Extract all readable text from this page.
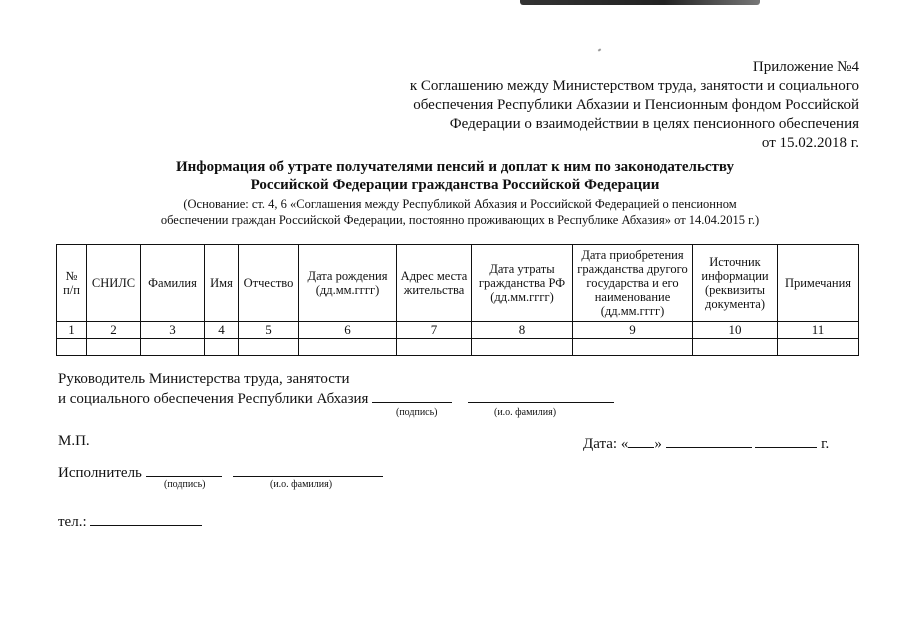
Приложение №4
к Соглашению между Министерством труда, занятости и социального
обеспечения Республики Абхазии и Пенсионным фондом Российской
Федерации о взаимодействии в целях пенсионного обеспечения
от 15.02.2018 г.
Информация об утрате получателями пенсий и доплат к ним по законодательству
Российской Федерации гражданства Российской Федерации
(Основание: ст. 4, 6 «Соглашения между Республикой Абхазия и Российской Федерацией о пенсионном
обеспечении граждан Российской Федерации, постоянно проживающих в Республике Абхазия» от 14.04.2015 г.)
№ п/п	СНИЛС	Фамилия	Имя	Отчество	Дата рождения (дд.мм.гггг)	Адрес места жительства	Дата утраты гражданства РФ (дд.мм.гггг)	Дата приобретения гражданства другого государства и его наименование (дд.мм.гггг)	Источник информации (реквизиты документа)	Примечания
1	2	3	4	5	6	7	8	9	10	11

Руководитель Министерства труда, занятости
и социального обеспечения Республики Абхазия
(подпись)	(и.о. фамилия)
М.П.	Дата: « »	г.
Исполнитель
(подпись)	(и.о. фамилия)
тел.:
